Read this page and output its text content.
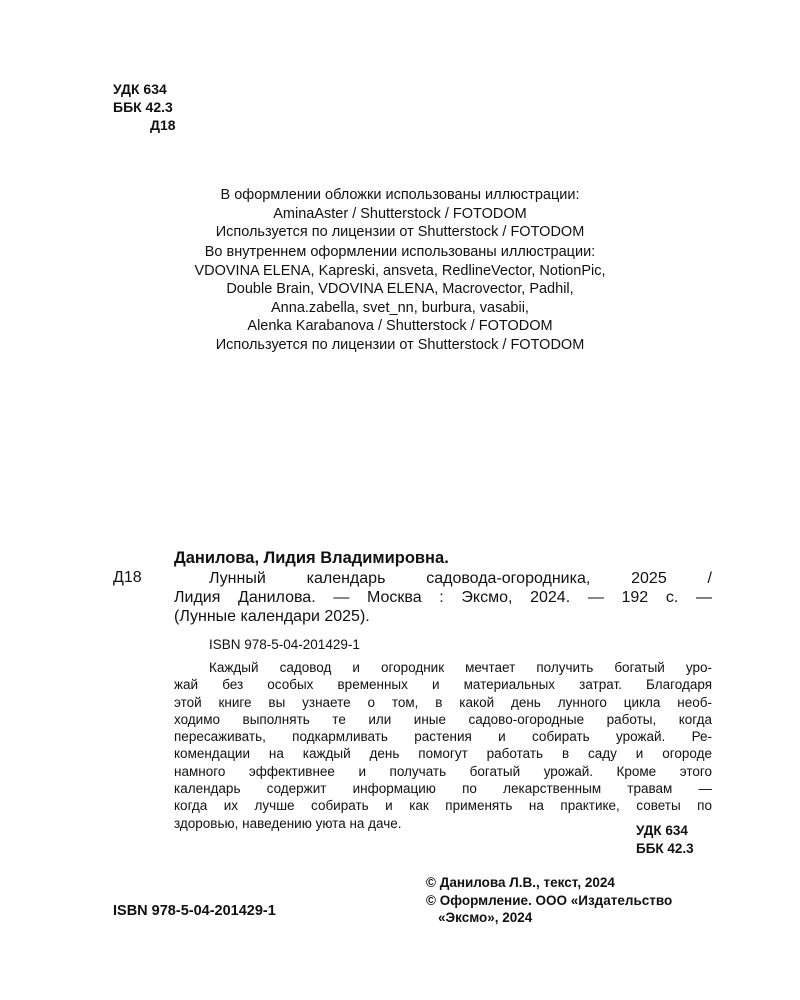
УДК 634
ББК 42.3
Д18
В оформлении обложки использованы иллюстрации:
AminaAster / Shutterstock / FOTODOM
Используется по лицензии от Shutterstock / FOTODOM
Во внутреннем оформлении использованы иллюстрации:
VDOVINA ELENA, Kapreski, ansveta, RedlineVector, NotionPic,
Double Brain, VDOVINA ELENA, Macrovector, Padhil,
Anna.zabella, svet_nn, burbura, vasabii,
Alenka Karabanova / Shutterstock / FOTODOM
Используется по лицензии от Shutterstock / FOTODOM
Данилова, Лидия Владимировна.
Д18	Лунный календарь садовода-огородника, 2025 /
Лидия Данилова. — Москва : Эксмо, 2024. — 192 с. —
(Лунные календари 2025).
ISBN 978-5-04-201429-1
Каждый садовод и огородник мечтает получить богатый уро-
жай без особых временных и материальных затрат. Благодаря
этой книге вы узнаете о том, в какой день лунного цикла необ-
ходимо выполнять те или иные садово-огородные работы, когда
пересаживать, подкармливать растения и собирать урожай. Ре-
комендации на каждый день помогут работать в саду и огороде
намного эффективнее и получать богатый урожай. Кроме этого
календарь содержит информацию по лекарственным травам —
когда их лучше собирать и как применять на практике, советы по
здоровью, наведению уюта на даче.	УДК 634
ББК 42.3
© Данилова Л.В., текст, 2024
© Оформление. ООО «Издательство
«Эксмо», 2024
ISBN 978-5-04-201429-1
